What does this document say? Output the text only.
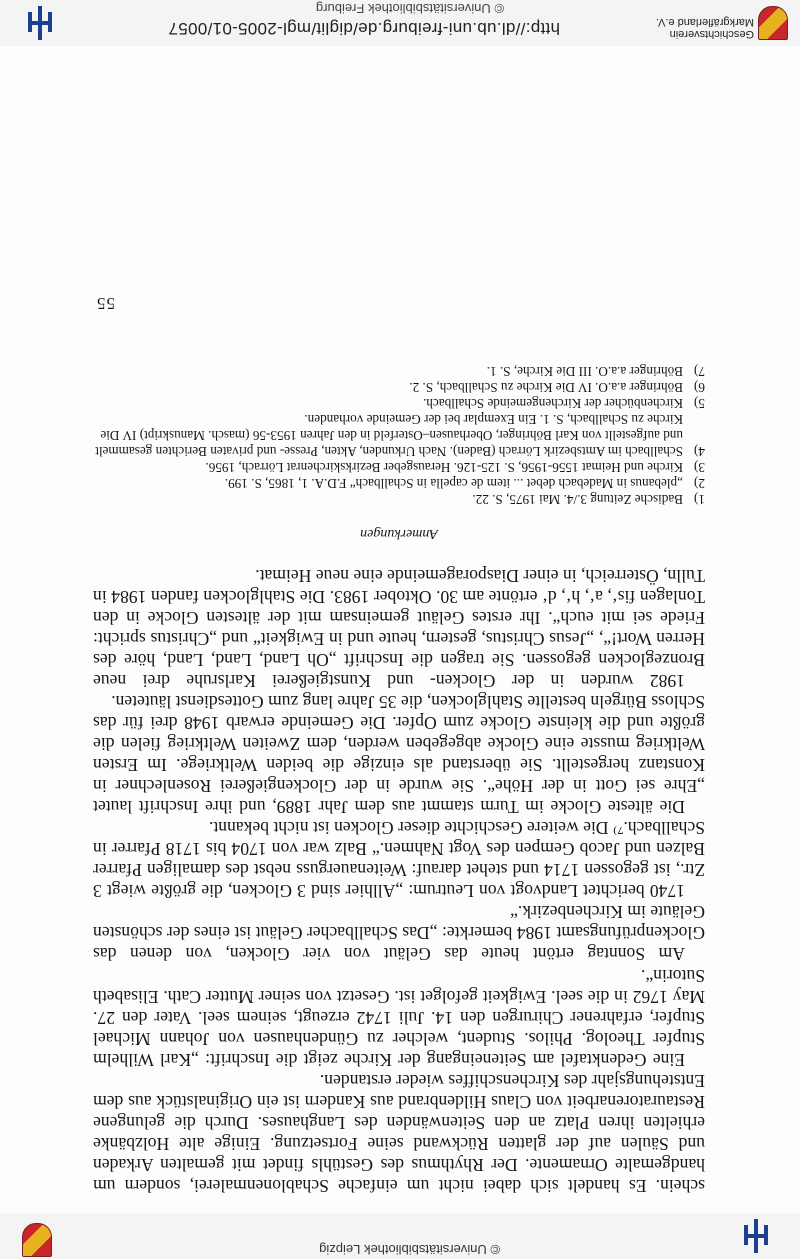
© Universitätsbibliothek Leipzig

schein. Es handelt sich dabei nicht um einfache Schablonenmalerei, sondern um handgemalte Ornamente. Der Rhythmus des Gestühls findet mit gemalten Arkaden und Säulen auf der glatten Rückwand seine Fortsetzung. Einige alte Holzbänke erhielten ihren Platz an den Seitenwänden des Langhauses. Durch die gelungene Restauratorenarbeit von Claus Hildenbrand aus Kandern ist ein Originalstück aus dem Entstehungsjahr des Kirchenschiffes wieder erstanden.

Eine Gedenktafel am Seiteneingang der Kirche zeigt die Inschrift: „Karl Wilhelm Stupfer Theolog. Philos. Student, welcher zu Gündenhausen von Johann Michael Stupfer, erfahrener Chirurgen den 14. Juli 1742 erzeugt, seinem seel. Vater den 27. May 1762 in die seel. Ewigkeit gefolget ist. Gesetzt von seiner Mutter Cath. Elisabeth Sutorin“.

Am Sonntag ertönt heute das Geläut von vier Glocken, von denen das Glockenprüfungsamt 1984 bemerkte: „Das Schallbacher Geläut ist eines der schönsten Geläute im Kirchenbezirk.“

1740 berichtet Landvogt von Leutrum: „Allhier sind 3 Glocken, die größte wiegt 3 Ztr., ist gegossen 1714 und stehet darauf: Weitenauerguss nebst des damaligen Pfarrer Balzen und Jacob Gempen des Vogt Nahmen.“ Balz war von 1704 bis 1718 Pfarrer in Schallbach.⁷⁾ Die weitere Geschichte dieser Glocken ist nicht bekannt.

Die älteste Glocke im Turm stammt aus dem Jahr 1889, und ihre Inschrift lautet „Ehre sei Gott in der Höhe“. Sie wurde in der Glockengießerei Rosenlechner in Konstanz hergestellt. Sie überstand als einzige die beiden Weltkriege. Im Ersten Weltkrieg musste eine Glocke abgegeben werden, dem Zweiten Weltkrieg fielen die größte und die kleinste Glocke zum Opfer. Die Gemeinde erwarb 1948 drei für das Schloss Bürgeln bestellte Stahlglocken, die 35 Jahre lang zum Gottesdienst läuteten.

1982 wurden in der Glocken- und Kunstgießerei Karlsruhe drei neue Bronzeglocken gegossen. Sie tragen die Inschrift „Oh Land, Land, Land, höre des Herren Wort!“, „Jesus Christus, gestern, heute und in Ewigkeit“ und „Christus spricht: Friede sei mit euch“. Ihr erstes Geläut gemeinsam mit der ältesten Glocke in den Tonlagen fis‘, a‘, h‘, d‘ ertönte am 30. Oktober 1983. Die Stahlglocken fanden 1984 in Tulln, Österreich, in einer Diasporagemeinde eine neue Heimat.

Anmerkungen
1)
Badische Zeitung 3./4. Mai 1975, S. 22.
2)
„plebanus in Madebach debet ... item de capella in Schallbach“ F.D.A. 1, 1865, S. 199.
3)
Kirche und Heimat 1556-1956, S. 125-126. Herausgeber Bezirkskirchenrat Lörrach, 1956.
4)
Schallbach im Amtsbezirk Lörrach (Baden). Nach Urkunden, Akten, Presse- und privaten Berichten gesammelt und aufgestellt von Karl Böhringer, Oberhausen–Osterfeld in den Jahren 1953-56 (masch. Manuskript) IV Die Kirche zu Schallbach, S. 1. Ein Exemplar bei der Gemeinde vorhanden.
5)
Kirchenbücher der Kirchengemeinde Schallbach.
6)
Böhringer a.a.O. IV Die Kirche zu Schallbach, S. 2.
7)
Böhringer a.a.O. III Die Kirche, S. 1.
55
Geschichtsverein
Markgräflerland e.V.
http://dl.ub.uni-freiburg.de/diglit/mgl-2005-01/0057
© Universitätsbibliothek Freiburg
